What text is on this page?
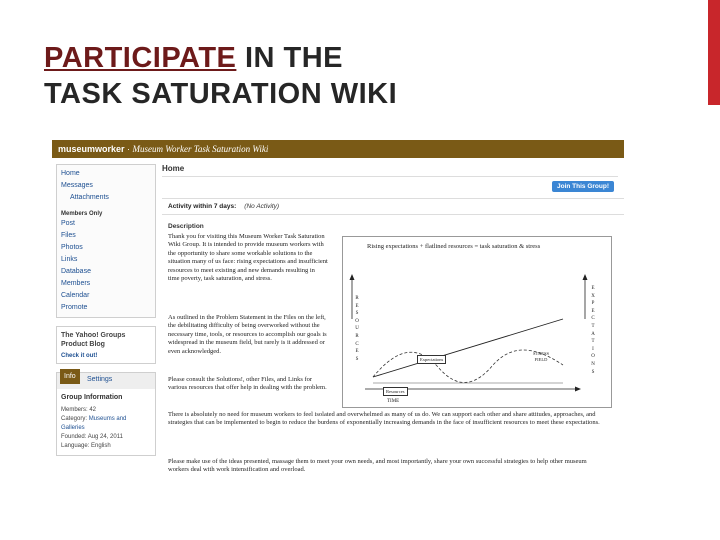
PARTICIPATE IN THE
TASK SATURATION WIKI
museumworker · Museum Worker Task Saturation Wiki
Home
Messages
Attachments
Members Only
Post
Files
Photos
Links
Database
Members
Calendar
Promote
The Yahoo! Groups Product Blog
Check it out!
Info	Settings
Group Information
Members: 42
Category: Museums and Galleries
Founded: Aug 24, 2011
Language: English
Home
Join This Group!
Activity within 7 days: (No Activity)
Description
Thank you for visiting this Museum Worker Task Saturation Wiki Group. It is intended to provide museum workers with the opportunity to share some workable solutions to the situation many of us face: rising expectations and insufficient resources to meet existing and new demands resulting in time poverty, task saturation, and stress.
As outlined in the Problem Statement in the Files on the left, the debilitating difficulty of being overworked without the necessary time, tools, or resources to accomplish our goals is widespread in the museum field, but rarely is it addressed or even acknowledged.
Please consult the Solutions!, other Files, and Links for various resources that offer help in dealing with the problem.
There is absolutely no need for museum workers to feel isolated and overwhelmed as many of us do. We can support each other and share attitudes, approaches, and strategies that can be implemented to begin to reduce the burdens of exponentially increasing demands in the face of insufficient resources to meet these expectations.
Please make use of the ideas presented, massage them to meet your own needs, and most importantly, share your own successful strategies to help other museum workers deal with work intensification and overload.
Rising expectations + flatlined resources = task saturation & stress
R
E
S
O
U
R
C
E
S
E
X
P
E
C
T
A
T
I
O
N
S
Expectations
Resources
STRESS
FIELD
TIME
